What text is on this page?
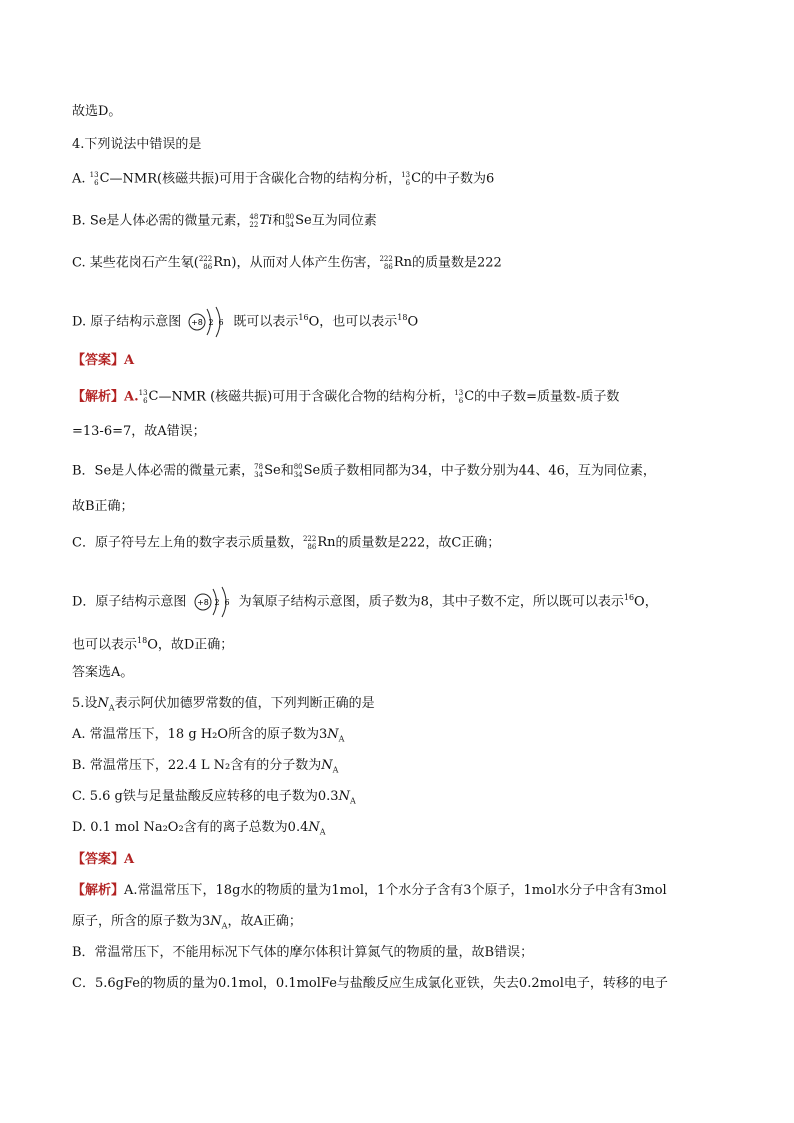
故选D。
4.下列说法中错误的是
A. 13
6 C —NMR(核磁共振)可用于含碳化合物的结构分析， 13
6 C 的中子数为6
B. Se是人体必需的微量元素， 48
22 Ti 和 80
34 Se 互为同位素
C. 某些花岗石产生氡( 222
86 Rn )，从而对人体产生伤害， 222
86 Rn 的质量数是222
D. 原子结构示意图 +8 2 6 既可以表示$^{16}$O，也可以表示$^{18}$O
【答案】A
【解析】A. 13
6 C —NMR (核磁共振)可用于含碳化合物的结构分析， 13
6 C 的中子数=质量数-质子数
=13-6=7，故A错误；
B．Se是人体必需的微量元素， 78
34 Se 和 80
34 Se 质子数相同都为34，中子数分别为44、46，互为同位素，
故B正确；
C．原子符号左上角的数字表示质量数， 222
86 Rn 的质量数是222，故C正确；
D．原子结构示意图 +8 2 6 为氧原子结构示意图，质子数为8，其中子数不定，所以既可以表示$^{16}$O，
也可以表示$^{18}$O，故D正确；
答案选A。
5.设$N_A$表示阿伏加德罗常数的值，下列判断正确的是
A. 常温常压下，18 g H₂O所含的原子数为$3N_A$
B. 常温常压下，22.4 L N₂含有的分子数为$N_A$
C. 5.6 g铁与足量盐酸反应转移的电子数为$0.3N_A$
D. 0.1 mol Na₂O₂含有的离子总数为$0.4N_A$
【答案】A
【解析】A.常温常压下，18g水的物质的量为1mol，1个水分子含有3个原子，1mol水分子中含有3mol
原子，所含的原子数为$3N_A$，故A正确；
B．常温常压下，不能用标况下气体的摩尔体积计算氮气的物质的量，故B错误；
C．5.6gFe的物质的量为0.1mol，0.1molFe与盐酸反应生成氯化亚铁，失去0.2mol电子，转移的电子
